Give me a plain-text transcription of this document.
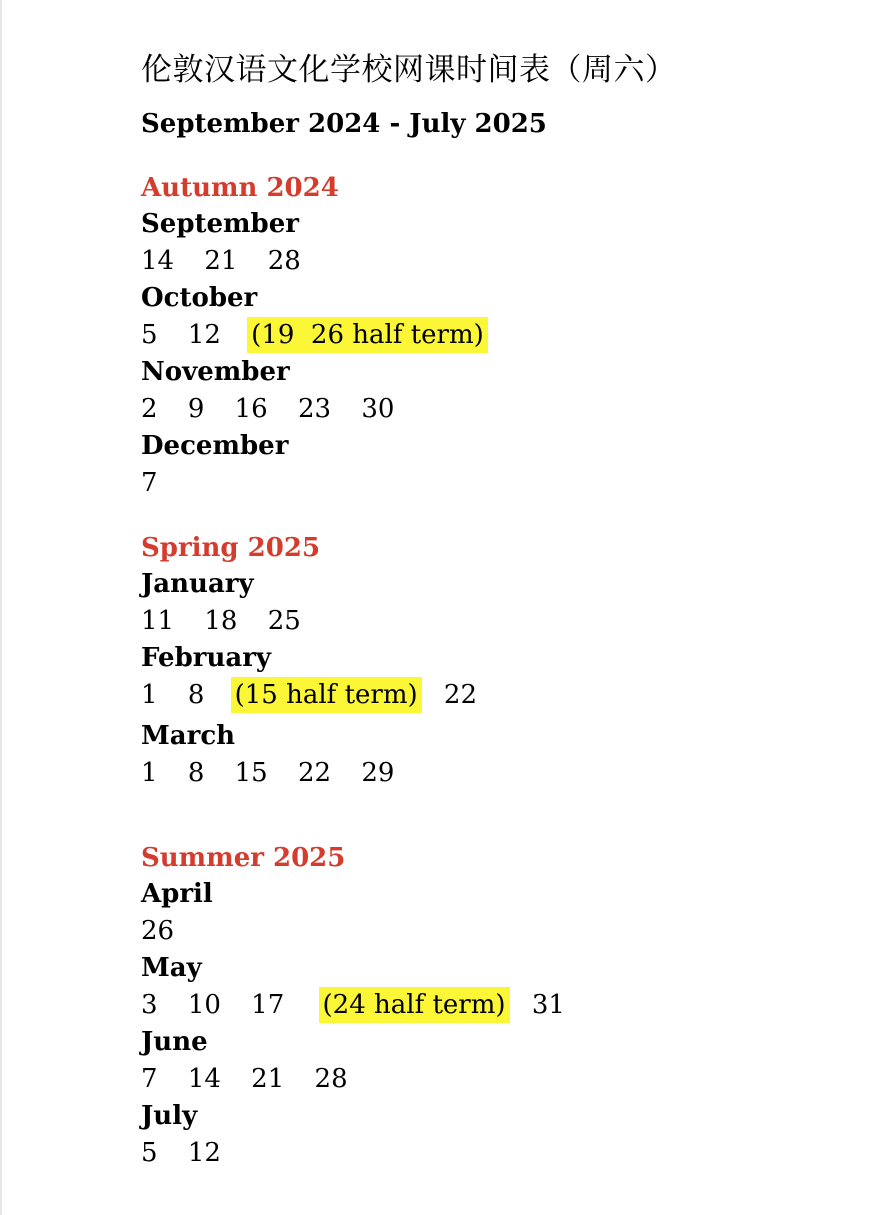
伦敦汉语文化学校网课时间表（周六）
September 2024 - July 2025
Autumn 2024
September
14 21 28
October
5 12 (19  26 half term)
November
2 9 16 23 30
December
7
Spring 2025
January
11 18 25
February
1 8 (15 half term) 22
March
1 8 15 22 29
Summer 2025
April
26
May
3 10 17 (24 half term) 31
June
7 14 21 28
July
5 12
